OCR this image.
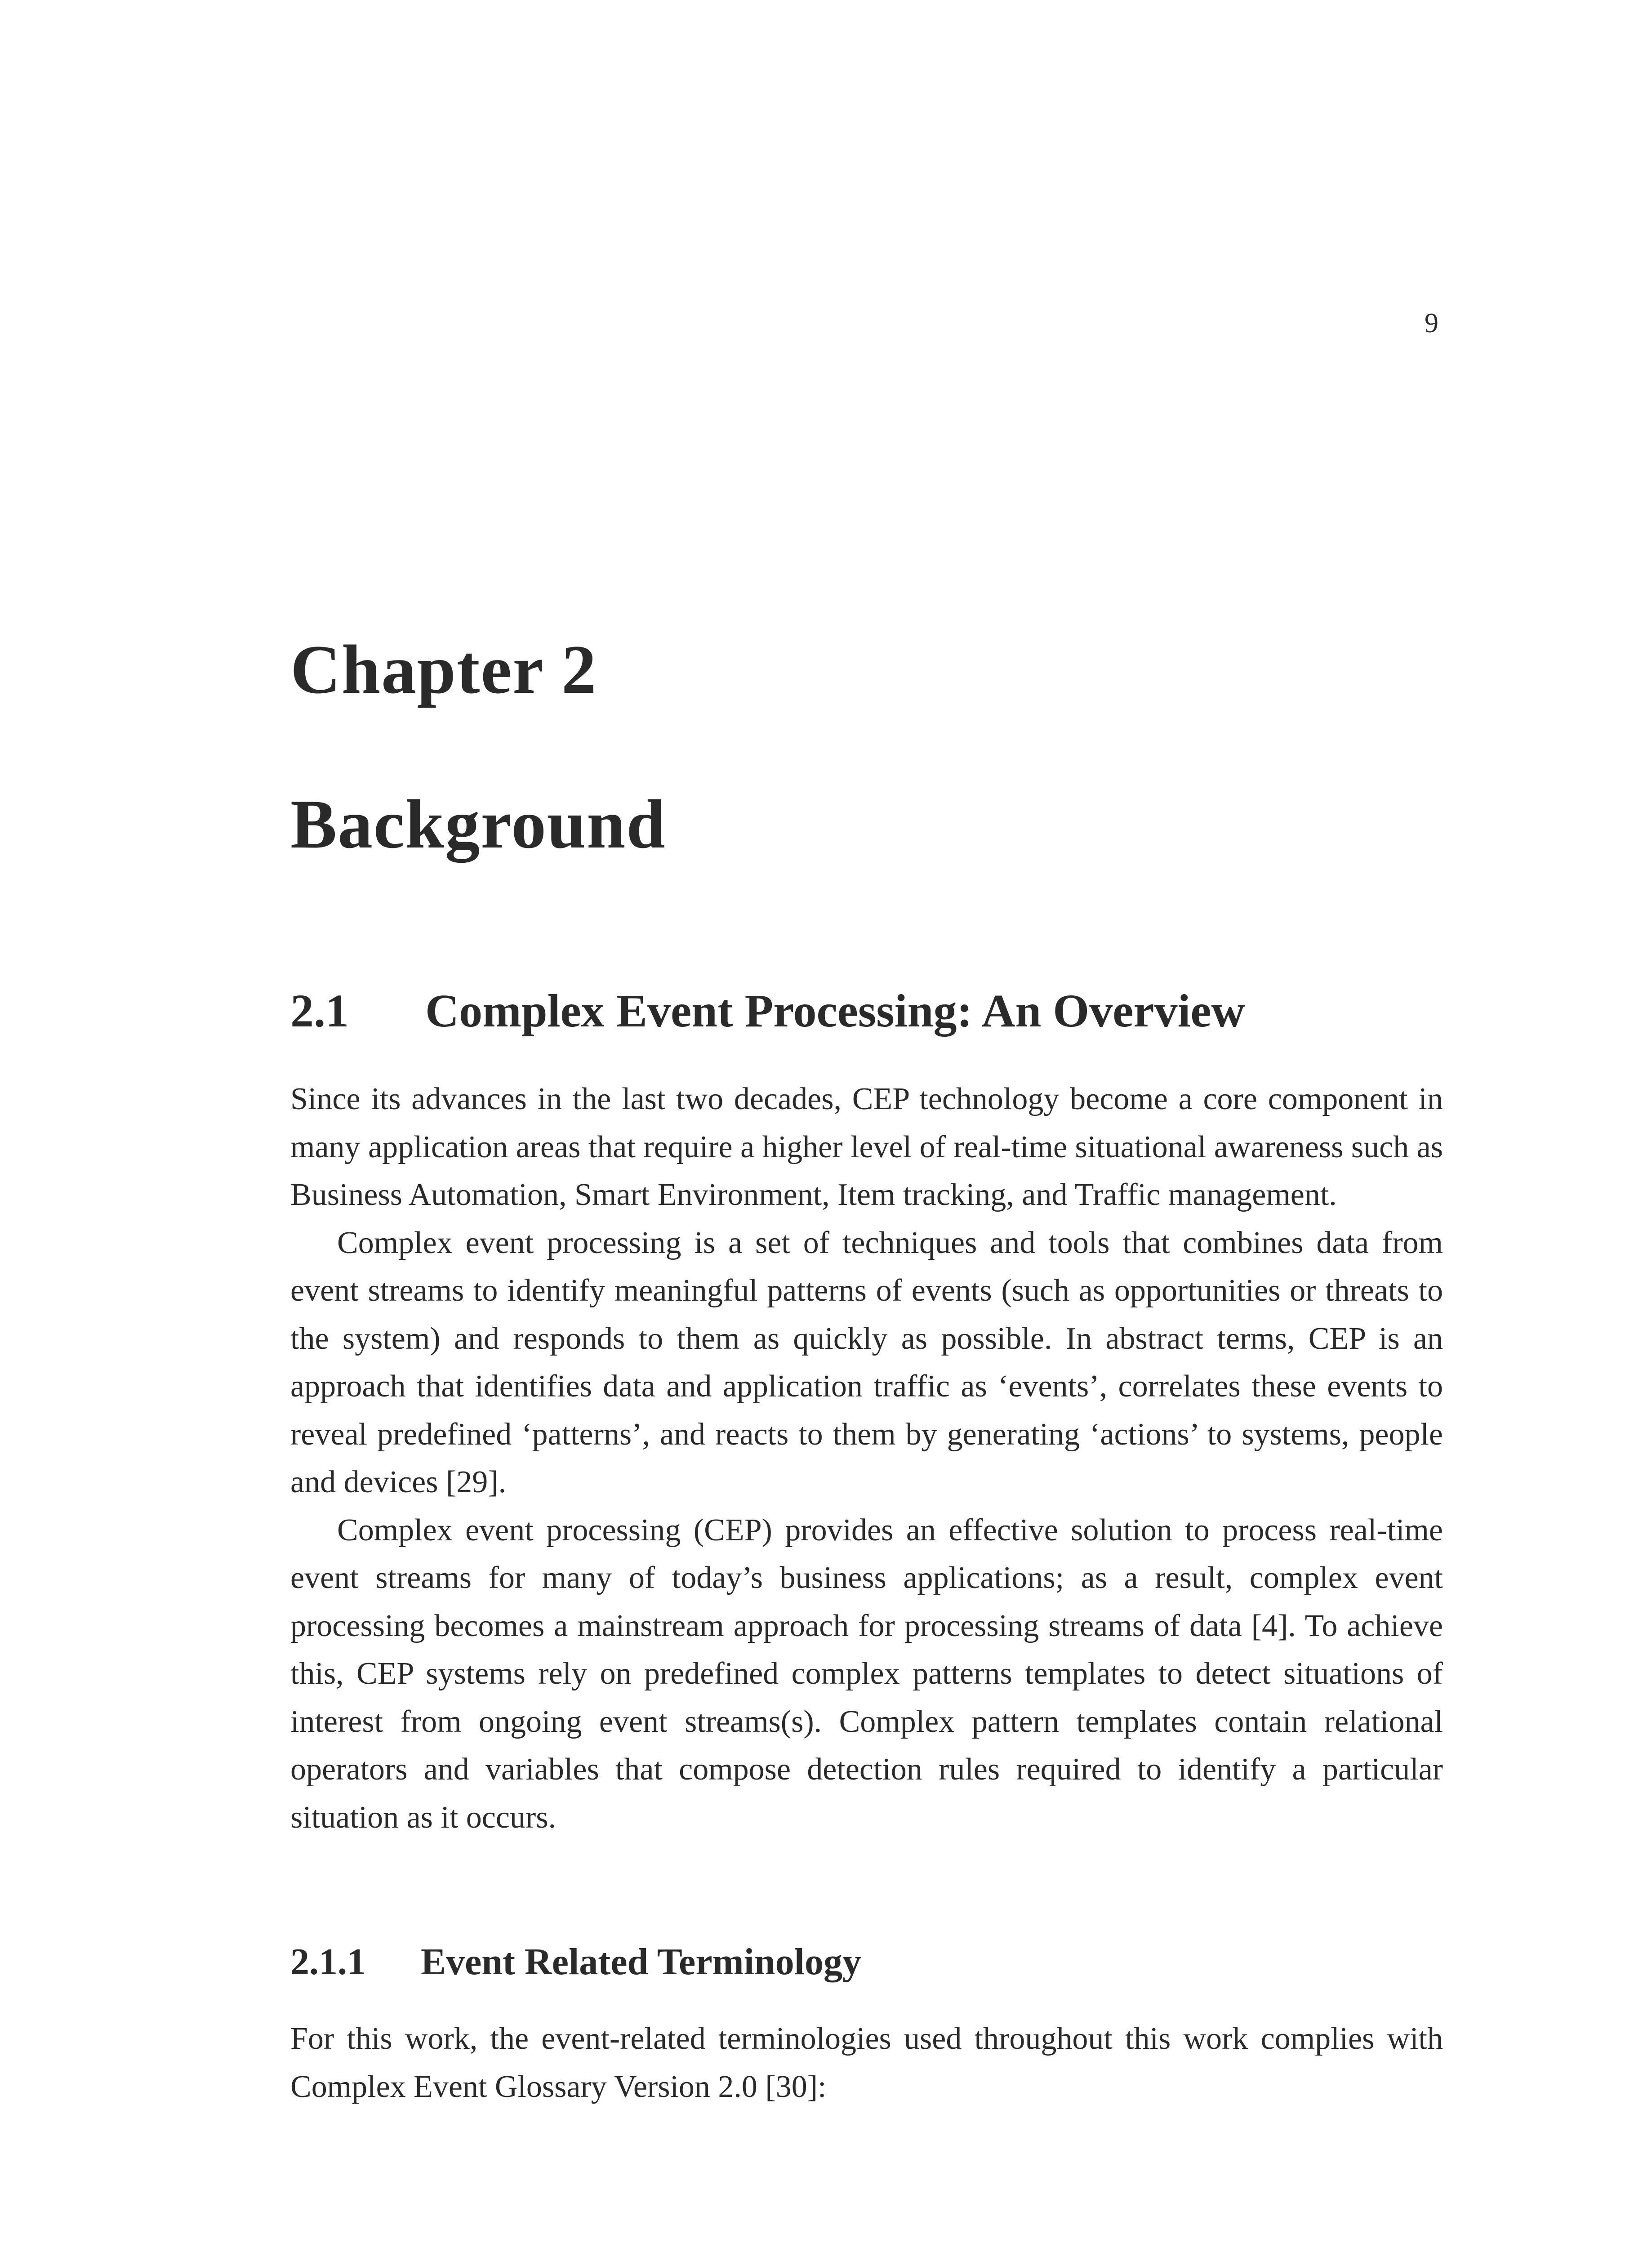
9
Chapter 2
Background
2.1 Complex Event Processing: An Overview

Since its advances in the last two decades, CEP technology become a core component in many application areas that require a higher level of real-time situational awareness such as Business Automation, Smart Environment, Item tracking, and Traffic management.

Complex event processing is a set of techniques and tools that combines data from event streams to identify meaningful patterns of events (such as opportunities or threats to the system) and responds to them as quickly as possible. In abstract terms, CEP is an approach that identifies data and application traffic as ‘events’, correlates these events to reveal predefined ‘patterns’, and reacts to them by generating ‘actions’ to systems, people and devices [29].

Complex event processing (CEP) provides an effective solution to process real-time event streams for many of today’s business applications; as a result, complex event processing becomes a mainstream approach for processing streams of data [4]. To achieve this, CEP systems rely on predefined complex patterns templates to detect situations of interest from ongoing event streams(s). Complex pattern templates contain relational operators and variables that compose detection rules required to identify a particular situation as it occurs.

2.1.1 Event Related Terminology

For this work, the event-related terminologies used throughout this work complies with Complex Event Glossary Version 2.0 [30]:
